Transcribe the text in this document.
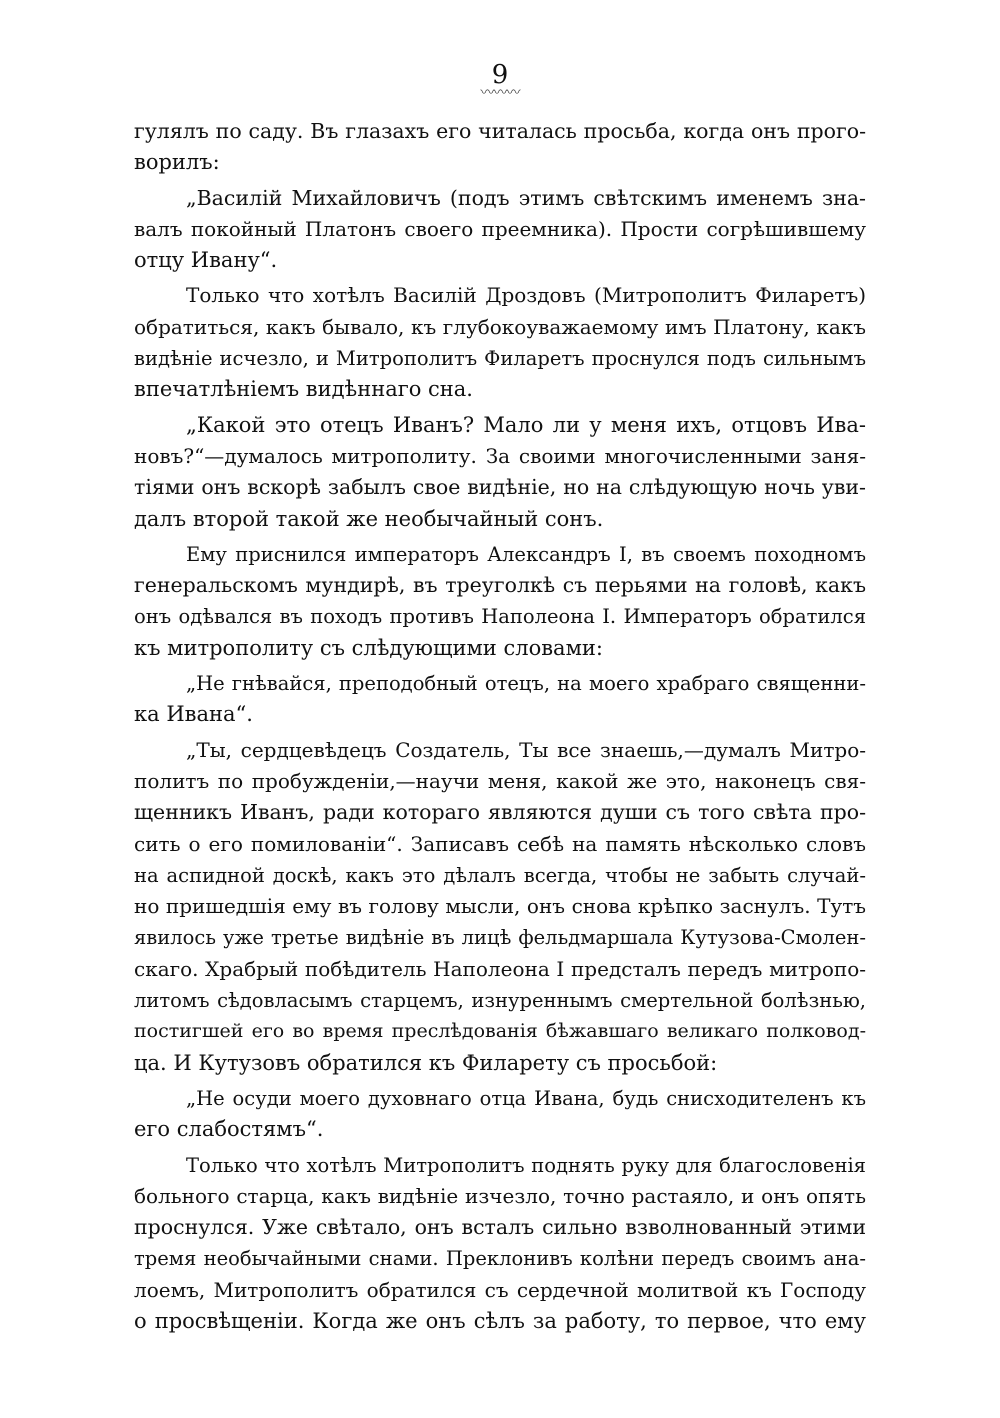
9
〰〰〰
гулялъ по саду. Въ глазахъ его читалась просьба, когда онъ прого-
ворилъ:
„Василій Михайловичъ (подъ этимъ свѣтскимъ именемъ зна-
валъ покойный Платонъ своего преемника). Прости согрѣшившему
отцу Ивану“.
Только что хотѣлъ Василій Дроздовъ (Митрополитъ Филаретъ)
обратиться, какъ бывало, къ глубокоуважаемому имъ Платону, какъ
видѣніе исчезло, и Митрополитъ Филаретъ проснулся подъ сильнымъ
впечатлѣніемъ видѣннаго сна.
„Какой это отецъ Иванъ? Мало ли у меня ихъ, отцовъ Ива-
новъ?“—думалось митрополиту. За своими многочисленными заня-
тіями онъ вскорѣ забылъ свое видѣніе, но на слѣдующую ночь уви-
далъ второй такой же необычайный сонъ.
Ему приснился императоръ Александръ I, въ своемъ походномъ
генеральскомъ мундирѣ, въ треуголкѣ съ перьями на головѣ, какъ
онъ одѣвался въ походъ противъ Наполеона I. Императоръ обратился
къ митрополиту съ слѣдующими словами:
„Не гнѣвайся, преподобный отецъ, на моего храбраго священни-
ка Ивана“.
„Ты, сердцевѣдецъ Создатель, Ты все знаешь,—думалъ Митро-
политъ по пробужденіи,—научи меня, какой же это, наконецъ свя-
щенникъ Иванъ, ради котораго являются души съ того свѣта про-
сить о его помилованіи“. Записавъ себѣ на память нѣсколько словъ
на аспидной доскѣ, какъ это дѣлалъ всегда, чтобы не забыть случай-
но пришедшія ему въ голову мысли, онъ снова крѣпко заснулъ. Тутъ
явилось уже третье видѣніе въ лицѣ фельдмаршала Кутузова-Смолен-
скаго. Храбрый побѣдитель Наполеона I предсталъ передъ митропо-
литомъ сѣдовласымъ старцемъ, изнуреннымъ смертельной болѣзнью,
постигшей его во время преслѣдованія бѣжавшаго великаго полковод-
ца. И Кутузовъ обратился къ Филарету съ просьбой:
„Не осуди моего духовнаго отца Ивана, будь снисходителенъ къ
его слабостямъ“.
Только что хотѣлъ Митрополитъ поднять руку для благословенія
больного старца, какъ видѣніе изчезло, точно растаяло, и онъ опять
проснулся. Уже свѣтало, онъ всталъ сильно взволнованный этими
тремя необычайными снами. Преклонивъ колѣни передъ своимъ ана-
лоемъ, Митрополитъ обратился съ сердечной молитвой къ Господу
о просвѣщеніи. Когда же онъ сѣлъ за работу, то первое, что ему
